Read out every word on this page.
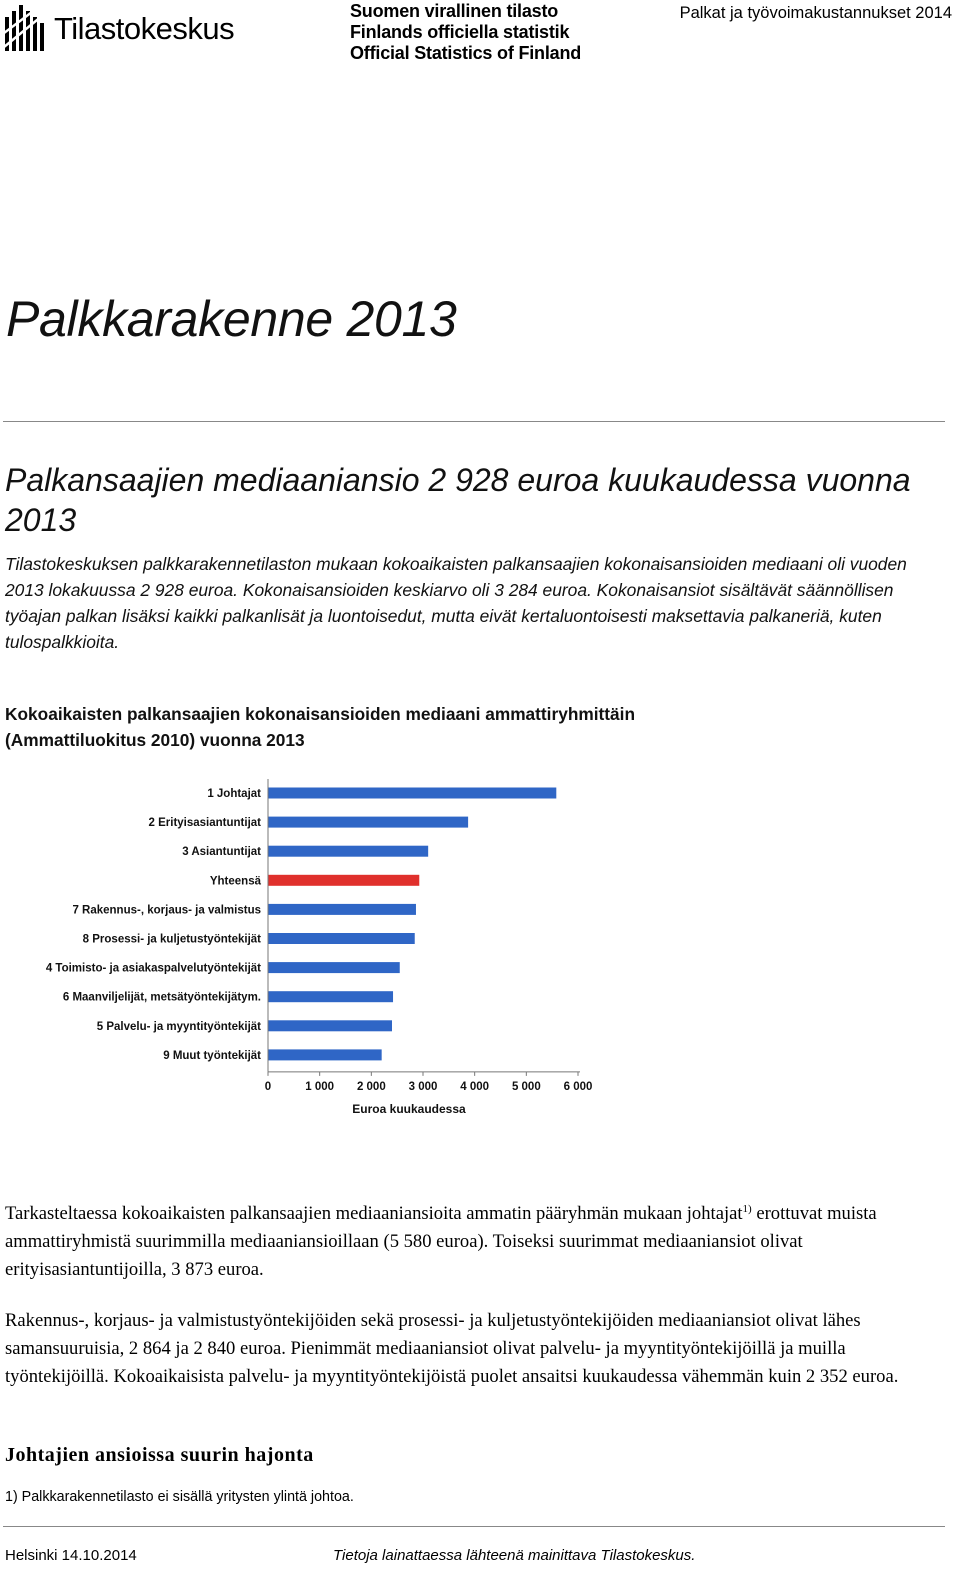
Tilastokeskus	Suomen virallinen tilasto
Finlands officiella statistik
Official Statistics of Finland
Palkat ja työvoimakustannukset 2014
Palkkarakenne 2013
Palkansaajien mediaaniansio 2 928 euroa kuukaudessa vuonna 2013
Tilastokeskuksen palkkarakennetilaston mukaan kokoaikaisten palkansaajien kokonaisansioiden mediaani oli vuoden 2013 lokakuussa 2 928 euroa. Kokonaisansioiden keskiarvo oli 3 284 euroa. Kokonaisansiot sisältävät säännöllisen työajan palkan lisäksi kaikki palkanlisät ja luontoisedut, mutta eivät kertaluontoisesti maksettavia palkaneriä, kuten tulospalkkioita.
Kokoaikaisten palkansaajien kokonaisansioiden mediaani ammattiryhmittäin (Ammattiluokitus 2010) vuonna 2013
1 Johtajat
2 Erityisasiantuntijat
3 Asiantuntijat
Yhteensä
7 Rakennus-, korjaus- ja valmistus
8 Prosessi- ja kuljetustyöntekijät
4 Toimisto- ja asiakaspalvelutyöntekijät
6 Maanviljelijät, metsätyöntekijätym.
5 Palvelu- ja myyntityöntekijät
9 Muut työntekijät
0	1 000 2 000 3 000 4 000 5 000 6 000
Euroa kuukaudessa
Tarkasteltaessa kokoaikaisten palkansaajien mediaaniansioita ammatin pääryhmän mukaan johtajat$^{1)}$ erottuvat muista ammattiryhmistä suurimmilla mediaaniansioillaan (5 580 euroa). Toiseksi suurimmat mediaaniansiot olivat erityisasiantuntijoilla, 3 873 euroa.
Rakennus-, korjaus- ja valmistustyöntekijöiden sekä prosessi- ja kuljetustyöntekijöiden mediaaniansiot olivat lähes samansuuruisia, 2 864 ja 2 840 euroa. Pienimmät mediaaniansiot olivat palvelu- ja myyntityöntekijöillä ja muilla työntekijöillä. Kokoaikaisista palvelu- ja myyntityöntekijöistä puolet ansaitsi kuukaudessa vähemmän kuin 2 352 euroa.
Johtajien ansioissa suurin hajonta
1) Palkkarakennetilasto ei sisällä yritysten ylintä johtoa.
Helsinki 14.10.2014	Tietoja lainattaessa lähteenä mainittava Tilastokeskus.
